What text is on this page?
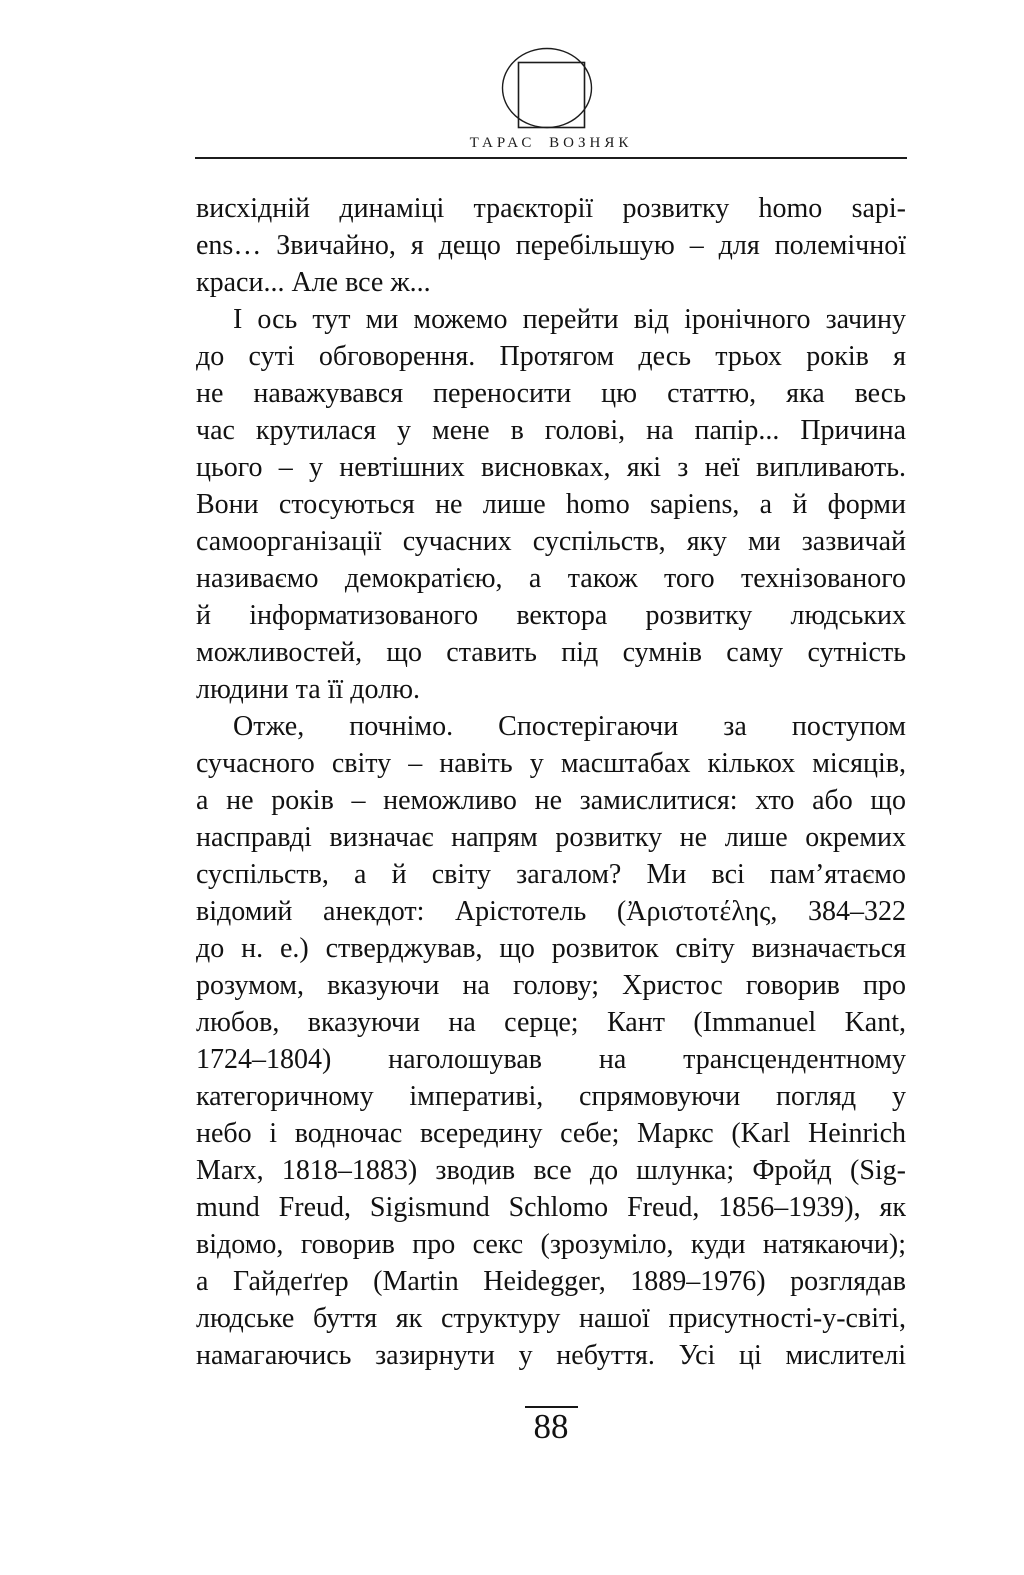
ТАРАС ВОЗНЯК
висхідній динаміці траєкторії розвитку homo sapi-
ens… Звичайно, я дещо перебільшую – для полемічної
краси... Але все ж...
І ось тут ми можемо перейти від іронічного зачину
до суті обговорення. Протягом десь трьох років я
не наважувався переносити цю статтю, яка весь
час крутилася у мене в голові, на папір... Причина
цього – у невтішних висновках, які з неї випливають.
Вони стосуються не лише homo sapiens, а й форми
самоорганізації сучасних суспільств, яку ми зазвичай
називаємо демократією, а також того технізованого
й інформатизованого вектора розвитку людських
можливостей, що ставить під сумнів саму сутність
людини та її долю.
Отже, почнімо. Спостерігаючи за поступом
сучасного світу – навіть у масштабах кількох місяців,
а не років – неможливо не замислитися: хто або що
насправді визначає напрям розвитку не лише окремих
суспільств, а й світу загалом? Ми всі пам’ятаємо
відомий анекдот: Арістотель (Ἀριστοτέλης, 384–322
до н. е.) стверджував, що розвиток світу визначається
розумом, вказуючи на голову; Христос говорив про
любов, вказуючи на серце; Кант (Immanuel Kant,
1724–1804) наголошував на трансцендентному
категоричному імперативі, спрямовуючи погляд у
небо і водночас всередину себе; Маркс (Karl Heinrich
Marx, 1818–1883) зводив все до шлунка; Фройд (Sig-
mund Freud, Sigismund Schlomo Freud, 1856–1939), як
відомо, говорив про секс (зрозуміло, куди натякаючи);
а Гайдеґґер (Martin Heidegger, 1889–1976) розглядав
людське буття як структуру нашої присутності-у-світі,
намагаючись зазирнути у небуття. Усі ці мислителі
88
